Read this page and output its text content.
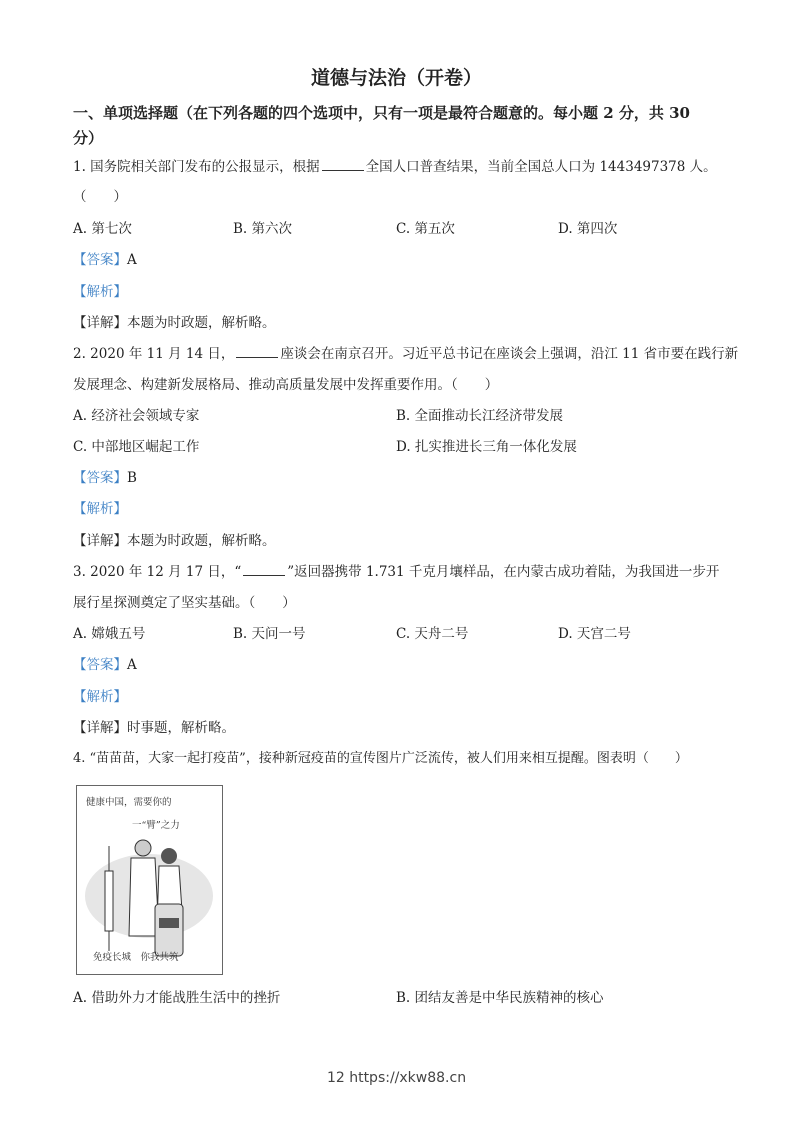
道德与法治（开卷）
一、单项选择题（在下列各题的四个选项中，只有一项是最符合题意的。每小题 2 分，共 30
分）
1. 国务院相关部门发布的公报显示，根据	全国人口普查结果，当前全国总人口为 1443497378 人。
（　　）
A. 第七次	B. 第六次	C. 第五次	D. 第四次
【答案】A
【解析】
【详解】本题为时政题，解析略。
2. 2020 年 11 月 14 日，	座谈会在南京召开。习近平总书记在座谈会上强调，沿江 11 省市要在践行新
发展理念、构建新发展格局、推动高质量发展中发挥重要作用。（　　）
A. 经济社会领域专家	B. 全面推动长江经济带发展
C. 中部地区崛起工作	D. 扎实推进长三角一体化发展
【答案】B
【解析】
【详解】本题为时政题，解析略。
3. 2020 年 12 月 17 日，“	”返回器携带 1.731 千克月壤样品，在内蒙古成功着陆，为我国进一步开
展行星探测奠定了坚实基础。（　　）
A. 嫦娥五号	B. 天问一号	C. 天舟二号	D. 天宫二号
【答案】A
【解析】
【详解】时事题，解析略。
4. “苗苗苗，大家一起打疫苗”，接种新冠疫苗的宣传图片广泛流传，被人们用来相互提醒。图表明（　　）
健康中国，需要你的
一“臂”之力
免疫长城　你我共筑
A. 借助外力才能战胜生活中的挫折	B. 团结友善是中华民族精神的核心
12 https://xkw88.cn
